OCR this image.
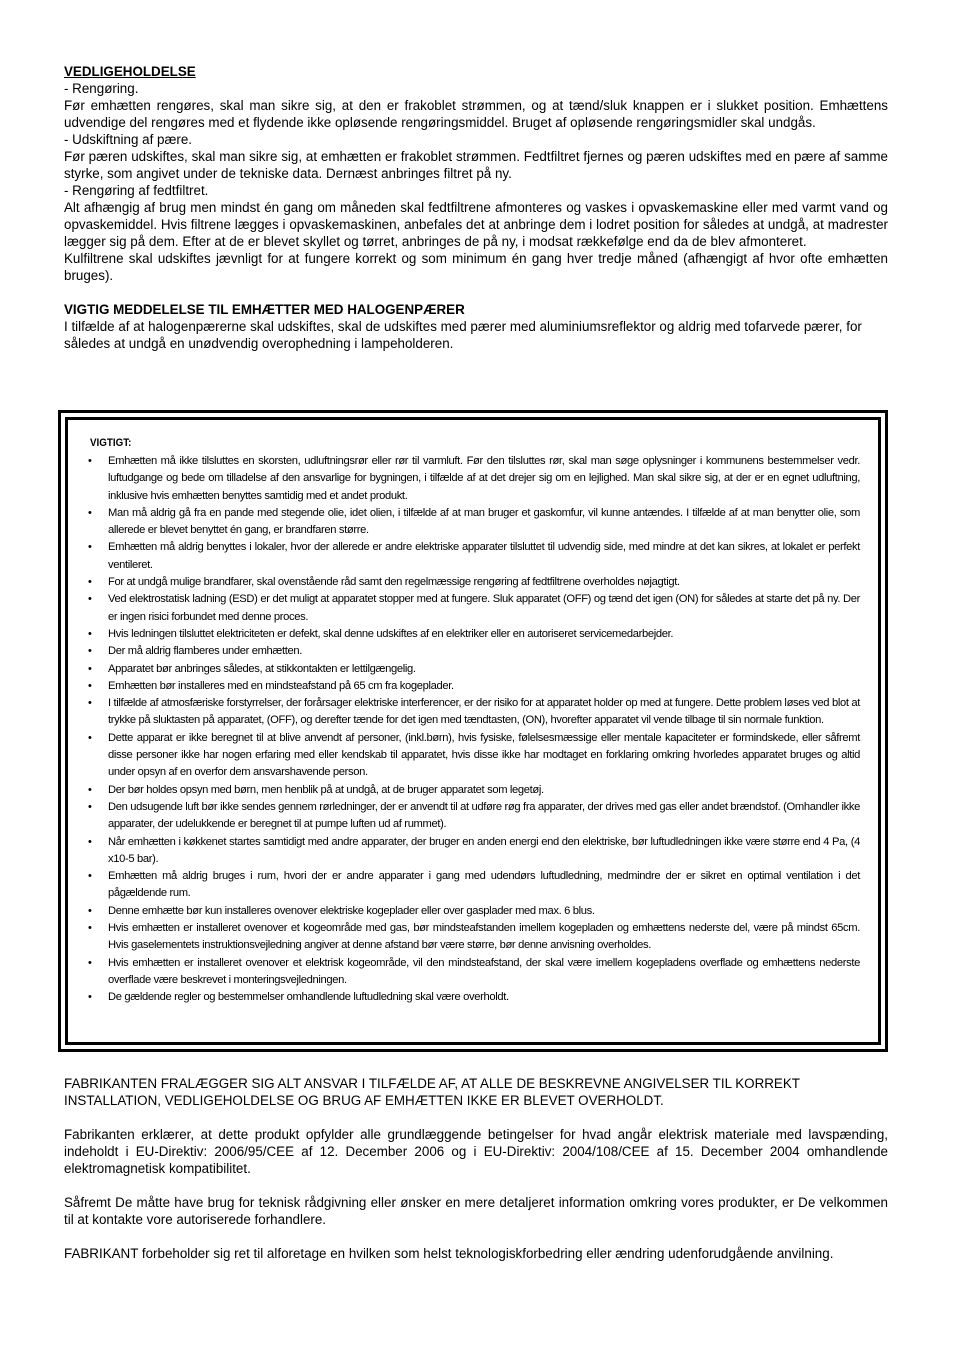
VEDLIGEHOLDELSE

- Rengøring.

Før emhætten rengøres, skal man sikre sig, at den er frakoblet strømmen, og at tænd/sluk knappen er i slukket position. Emhættens udvendige del rengøres med et flydende ikke opløsende rengøringsmiddel. Bruget af opløsende rengøringsmidler skal undgås.

- Udskiftning af pære.

Før pæren udskiftes, skal man sikre sig, at emhætten er frakoblet strømmen. Fedtfiltret fjernes og pæren udskiftes med en pære af samme styrke, som angivet under de tekniske data. Dernæst anbringes filtret på ny.

- Rengøring af fedtfiltret.

Alt afhængig af brug men mindst én gang om måneden skal fedtfiltrene afmonteres og vaskes i opvaskemaskine eller med varmt vand og opvaskemiddel. Hvis filtrene lægges i opvaskemaskinen, anbefales det at anbringe dem i lodret position for således at undgå, at madrester lægger sig på dem. Efter at de er blevet skyllet og tørret, anbringes de på ny, i modsat rækkefølge end da de blev afmonteret.

Kulfiltrene skal udskiftes jævnligt for at fungere korrekt og som minimum én gang hver tredje måned (afhængigt af hvor ofte emhætten bruges).

VIGTIG MEDDELELSE TIL EMHÆTTER MED HALOGENPÆRER

I tilfælde af at halogenpærerne skal udskiftes, skal de udskiftes med pærer med aluminiumsreflektor og aldrig med tofarvede pærer, for således at undgå en unødvendig overophedning i lampeholderen.

VIGTIGT:

• Emhætten må ikke tilsluttes en skorsten, udluftningsrør eller rør til varmluft. Før den tilsluttes rør, skal man søge oplysninger i kommunens bestemmelser vedr. luftudgange og bede om tilladelse af den ansvarlige for bygningen, i tilfælde af at det drejer sig om en lejlighed. Man skal sikre sig, at der er en egnet udluftning, inklusive hvis emhætten benyttes samtidig med et andet produkt.
• Man må aldrig gå fra en pande med stegende olie, idet olien, i tilfælde af at man bruger et gaskomfur, vil kunne antændes. I tilfælde af at man benytter olie, som allerede er blevet benyttet én gang, er brandfaren større.
• Emhætten må aldrig benyttes i lokaler, hvor der allerede er andre elektriske apparater tilsluttet til udvendig side, med mindre at det kan sikres, at lokalet er perfekt ventileret.
• For at undgå mulige brandfarer, skal ovenstående råd samt den regelmæssige rengøring af fedtfiltrene overholdes nøjagtigt.
• Ved elektrostatisk ladning (ESD) er det muligt at apparatet stopper med at fungere. Sluk apparatet (OFF) og tænd det igen (ON) for således at starte det på ny. Der er ingen risici forbundet med denne proces.
• Hvis ledningen tilsluttet elektriciteten er defekt, skal denne udskiftes af en elektriker eller en autoriseret servicemedarbejder.
• Der må aldrig flamberes under emhætten.
• Apparatet bør anbringes således, at stikkontakten er lettilgængelig.
• Emhætten bør installeres med en mindsteafstand på 65 cm fra kogeplader.
• I tilfælde af atmosfæriske forstyrrelser, der forårsager elektriske interferencer, er der risiko for at apparatet holder op med at fungere. Dette problem løses ved blot at trykke på sluktasten på apparatet, (OFF), og derefter tænde for det igen med tændtasten, (ON), hvorefter apparatet vil vende tilbage til sin normale funktion.
• Dette apparat er ikke beregnet til at blive anvendt af personer, (inkl.børn), hvis fysiske, følelsesmæssige eller mentale kapaciteter er formindskede, eller såfremt disse personer ikke har nogen erfaring med eller kendskab til apparatet, hvis disse ikke har modtaget en forklaring omkring hvorledes apparatet bruges og altid under opsyn af en overfor dem ansvarshavende person.
• Der bør holdes opsyn med børn, men henblik på at undgå, at de bruger apparatet som legetøj.
• Den udsugende luft bør ikke sendes gennem rørledninger, der er anvendt til at udføre røg fra apparater, der drives med gas eller andet brændstof. (Omhandler ikke apparater, der udelukkende er beregnet til at pumpe luften ud af rummet).
• Når emhætten i køkkenet startes samtidigt med andre apparater, der bruger en anden energi end den elektriske, bør luftudledningen ikke være større end 4 Pa, (4 x10-5 bar).
• Emhætten må aldrig bruges i rum, hvori der er andre apparater i gang med udendørs luftudledning, medmindre der er sikret en optimal ventilation i det pågældende rum.
• Denne emhætte bør kun installeres ovenover elektriske kogeplader eller over gasplader med max. 6 blus.
• Hvis emhætten er installeret ovenover et kogeområde med gas, bør mindsteafstanden imellem kogepladen og emhættens nederste del, være på mindst 65cm. Hvis gaselementets instruktionsvejledning angiver at denne afstand bør være større, bør denne anvisning overholdes.
• Hvis emhætten er installeret ovenover et elektrisk kogeområde, vil den mindsteafstand, der skal være imellem kogepladens overflade og emhættens nederste overflade være beskrevet i monteringsvejledningen.
• De gældende regler og bestemmelser omhandlende luftudledning skal være overholdt.

FABRIKANTEN FRALÆGGER SIG ALT ANSVAR I TILFÆLDE AF, AT ALLE DE BESKREVNE ANGIVELSER TIL KORREKT INSTALLATION, VEDLIGEHOLDELSE OG BRUG AF EMHÆTTEN IKKE ER BLEVET OVERHOLDT.

Fabrikanten erklærer, at dette produkt opfylder alle grundlæggende betingelser for hvad angår elektrisk materiale med lavspænding, indeholdt i EU-Direktiv: 2006/95/CEE af 12. December 2006 og i EU-Direktiv: 2004/108/CEE af 15. December 2004 omhandlende elektromagnetisk kompatibilitet.

Såfremt De måtte have brug for teknisk rådgivning eller ønsker en mere detaljeret information omkring vores produkter, er De velkommen til at kontakte vore autoriserede forhandlere.

FABRIKANT forbeholder sig ret til alforetage en hvilken som helst teknologiskforbedring eller ændring udenforudgående anvilning.
